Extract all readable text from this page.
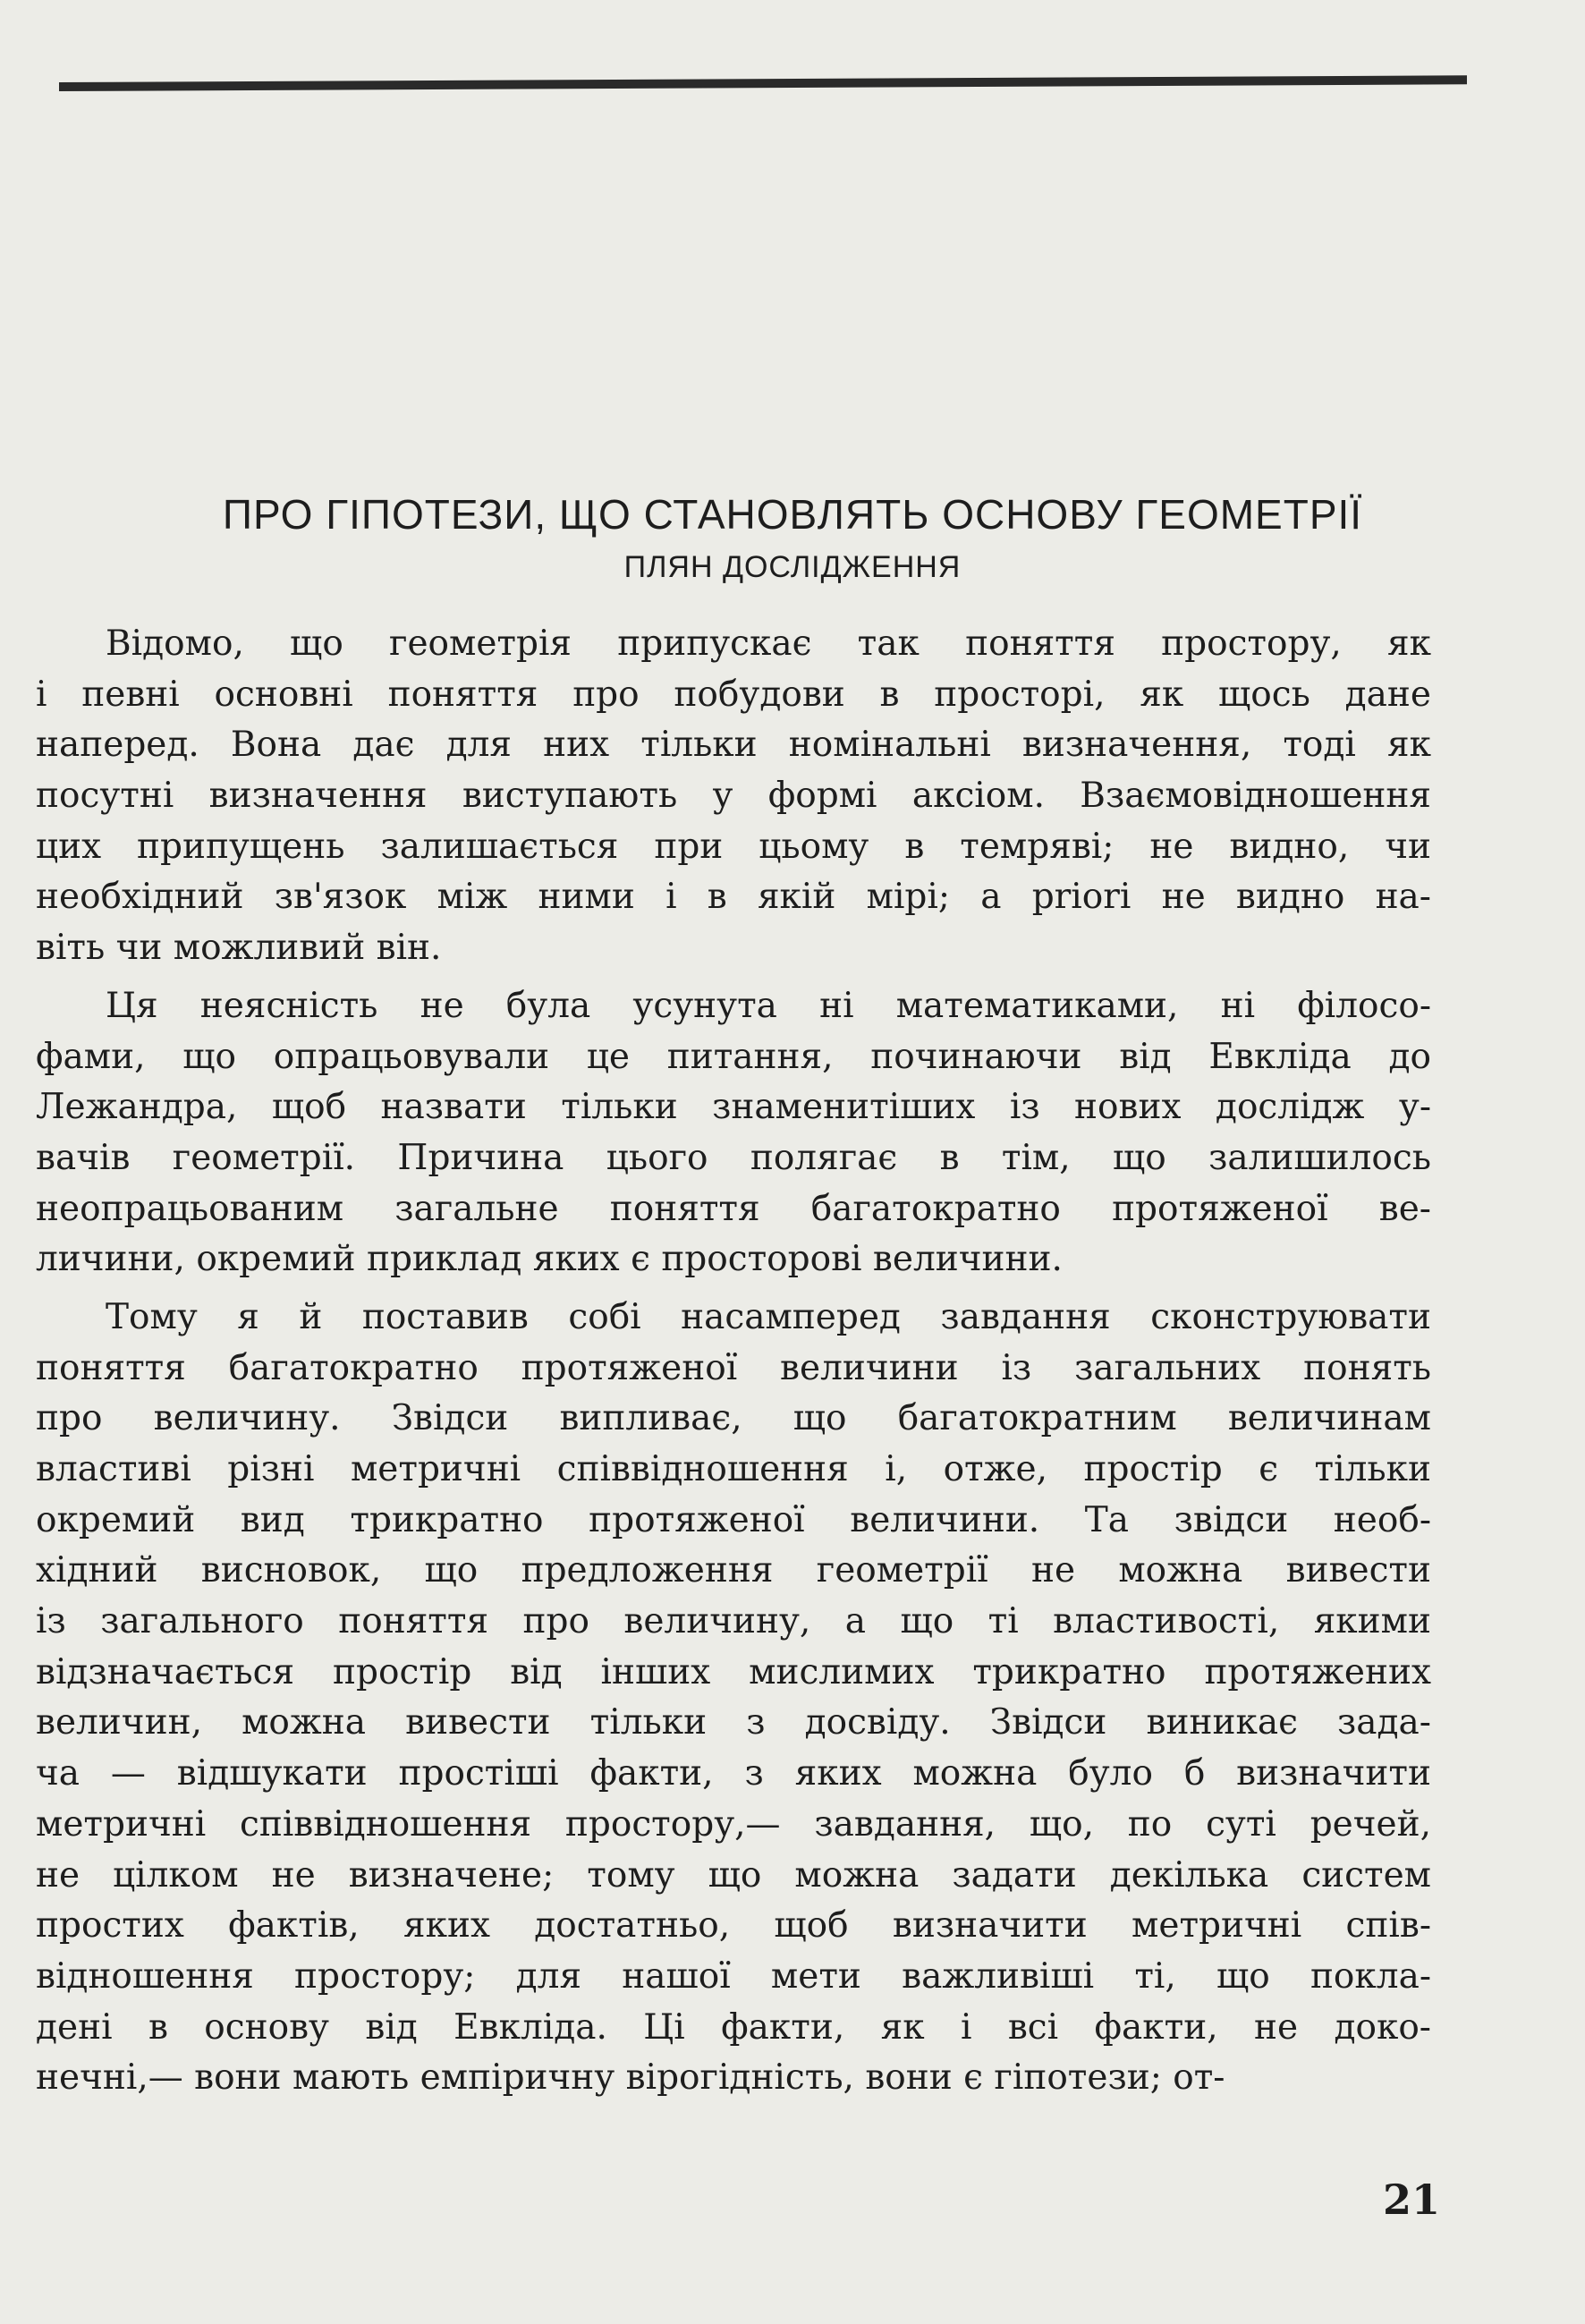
ПРО ГІПОТЕЗИ, ЩО СТАНОВЛЯТЬ ОСНОВУ ГЕОМЕТРІЇ
ПЛЯН ДОСЛІДЖЕННЯ
Відомо, що геометрія припускає так поняття простору, як
і певні основні поняття про побудови в просторі, як щось дане
наперед. Вона дає для них тільки номінальні визначення, тоді як
посутні визначення виступають у формі аксіом. Взаємовідношення
цих припущень залишається при цьому в темряві; не видно, чи
необхідний зв'язок між ними і в якій мірі; a priori не видно на-
віть чи можливий він.
Ця неясність не була усунута ні математиками, ні філосо-
фами, що опрацьовували це питання, починаючи від Евкліда до
Лежандра, щоб назвати тільки знаменитіших із нових дослідж у-
вачів геометрії. Причина цього полягає в тім, що залишилось
неопрацьованим загальне поняття багатократно протяженої ве-
личини, окремий приклад яких є просторові величини.
Тому я й поставив собі насамперед завдання сконструювати
поняття багатократно протяженої величини із загальних понять
про величину. Звідси випливає, що багатократним величинам
властиві різні метричні співвідношення і, отже, простір є тільки
окремий вид трикратно протяженої величини. Та звідси необ-
хідний висновок, що предложення геометрії не можна вивести
із загального поняття про величину, а що ті властивості, якими
відзначається простір від інших мислимих трикратно протяжених
величин, можна вивести тільки з досвіду. Звідси виникає зада-
ча — відшукати простіші факти, з яких можна було б визначити
метричні співвідношення простору,— завдання, що, по суті речей,
не цілком не визначене; тому що можна задати декілька систем
простих фактів, яких достатньо, щоб визначити метричні спів-
відношення простору; для нашої мети важливіші ті, що покла-
дені в основу від Евкліда. Ці факти, як і всі факти, не доко-
нечні,— вони мають емпіричну вірогідність, вони є гіпотези; от-
21
